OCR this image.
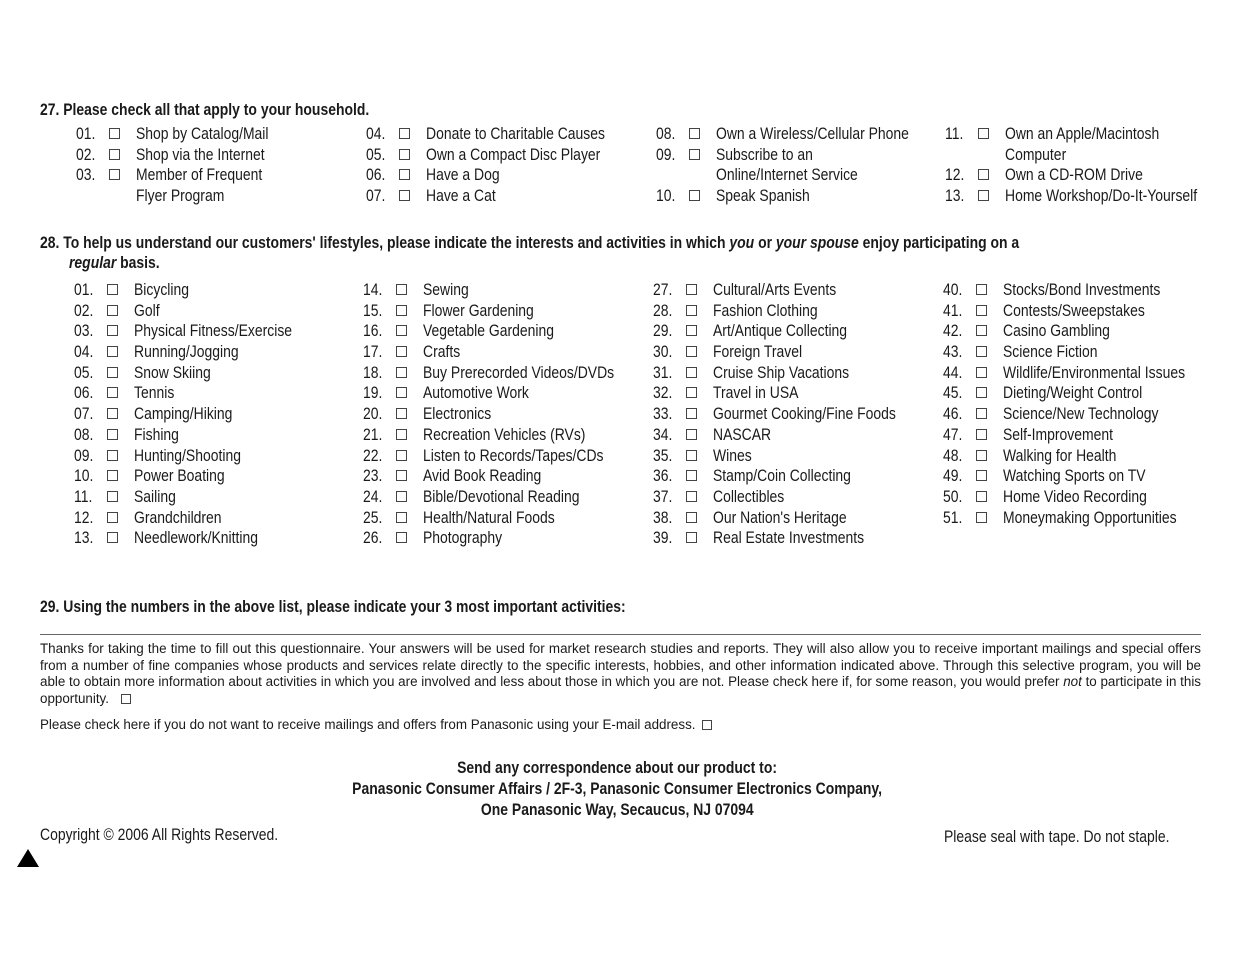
27. Please check all that apply to your household.
01. Shop by Catalog/Mail
02. Shop via the Internet
03. Member of Frequent
Flyer Program
04. Donate to Charitable Causes
05. Own a Compact Disc Player
06. Have a Dog
07. Have a Cat
08. Own a Wireless/Cellular Phone
09. Subscribe to an
Online/Internet Service
10. Speak Spanish
11. Own an Apple/Macintosh
Computer
12. Own a CD-ROM Drive
13. Home Workshop/Do-It-Yourself
28. To help us understand our customers' lifestyles, please indicate the interests and activities in which you or your spouse enjoy participating on a
regular basis.
01. Bicycling
02. Golf
03. Physical Fitness/Exercise
04. Running/Jogging
05. Snow Skiing
06. Tennis
07. Camping/Hiking
08. Fishing
09. Hunting/Shooting
10. Power Boating
11. Sailing
12. Grandchildren
13. Needlework/Knitting
14. Sewing
15. Flower Gardening
16. Vegetable Gardening
17. Crafts
18. Buy Prerecorded Videos/DVDs
19. Automotive Work
20. Electronics
21. Recreation Vehicles (RVs)
22. Listen to Records/Tapes/CDs
23. Avid Book Reading
24. Bible/Devotional Reading
25. Health/Natural Foods
26. Photography
27. Cultural/Arts Events
28. Fashion Clothing
29. Art/Antique Collecting
30. Foreign Travel
31. Cruise Ship Vacations
32. Travel in USA
33. Gourmet Cooking/Fine Foods
34. NASCAR
35. Wines
36. Stamp/Coin Collecting
37. Collectibles
38. Our Nation's Heritage
39. Real Estate Investments
40. Stocks/Bond Investments
41. Contests/Sweepstakes
42. Casino Gambling
43. Science Fiction
44. Wildlife/Environmental Issues
45. Dieting/Weight Control
46. Science/New Technology
47. Self-Improvement
48. Walking for Health
49. Watching Sports on TV
50. Home Video Recording
51. Moneymaking Opportunities
29. Using the numbers in the above list, please indicate your 3 most important activities:
Thanks for taking the time to fill out this questionnaire. Your answers will be used for market research studies and reports. They will also allow you to receive important mailings and special offers from a number of fine companies whose products and services relate directly to the specific interests, hobbies, and other information indicated above. Through this selective program, you will be able to obtain more information about activities in which you are involved and less about those in which you are not. Please check here if, for some reason, you would prefer not to participate in this opportunity.
Please check here if you do not want to receive mailings and offers from Panasonic using your E-mail address.
Send any correspondence about our product to:
Panasonic Consumer Affairs / 2F-3, Panasonic Consumer Electronics Company,
One Panasonic Way, Secaucus, NJ 07094
Copyright © 2006 All Rights Reserved.	Please seal with tape. Do not staple.
